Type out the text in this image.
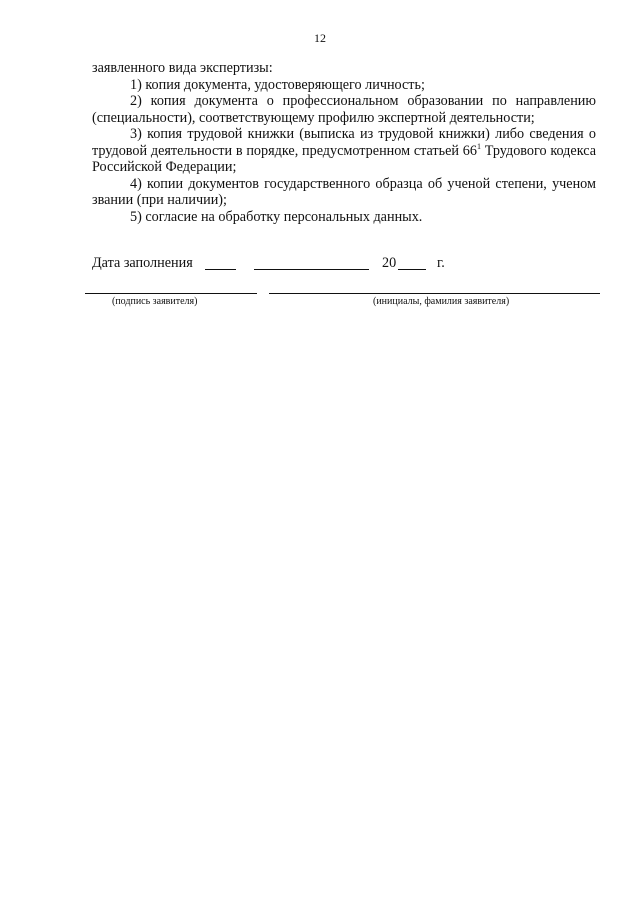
12

заявленного вида экспертизы:

1) копия документа, удостоверяющего личность;

2) копия документа о профессиональном образовании по направлению (специальности), соответствующему профилю экспертной деятельности;

3) копия трудовой книжки (выписка из трудовой книжки) либо сведения о трудовой деятельности в порядке, предусмотренном статьей $66^1$ Трудового кодекса Российской Федерации;

4) копии документов государственного образца об ученой степени, ученом звании (при наличии);

5) согласие на обработку персональных данных.

Дата заполнения	20	г.
(подпись заявителя)	(инициалы, фамилия заявителя)
